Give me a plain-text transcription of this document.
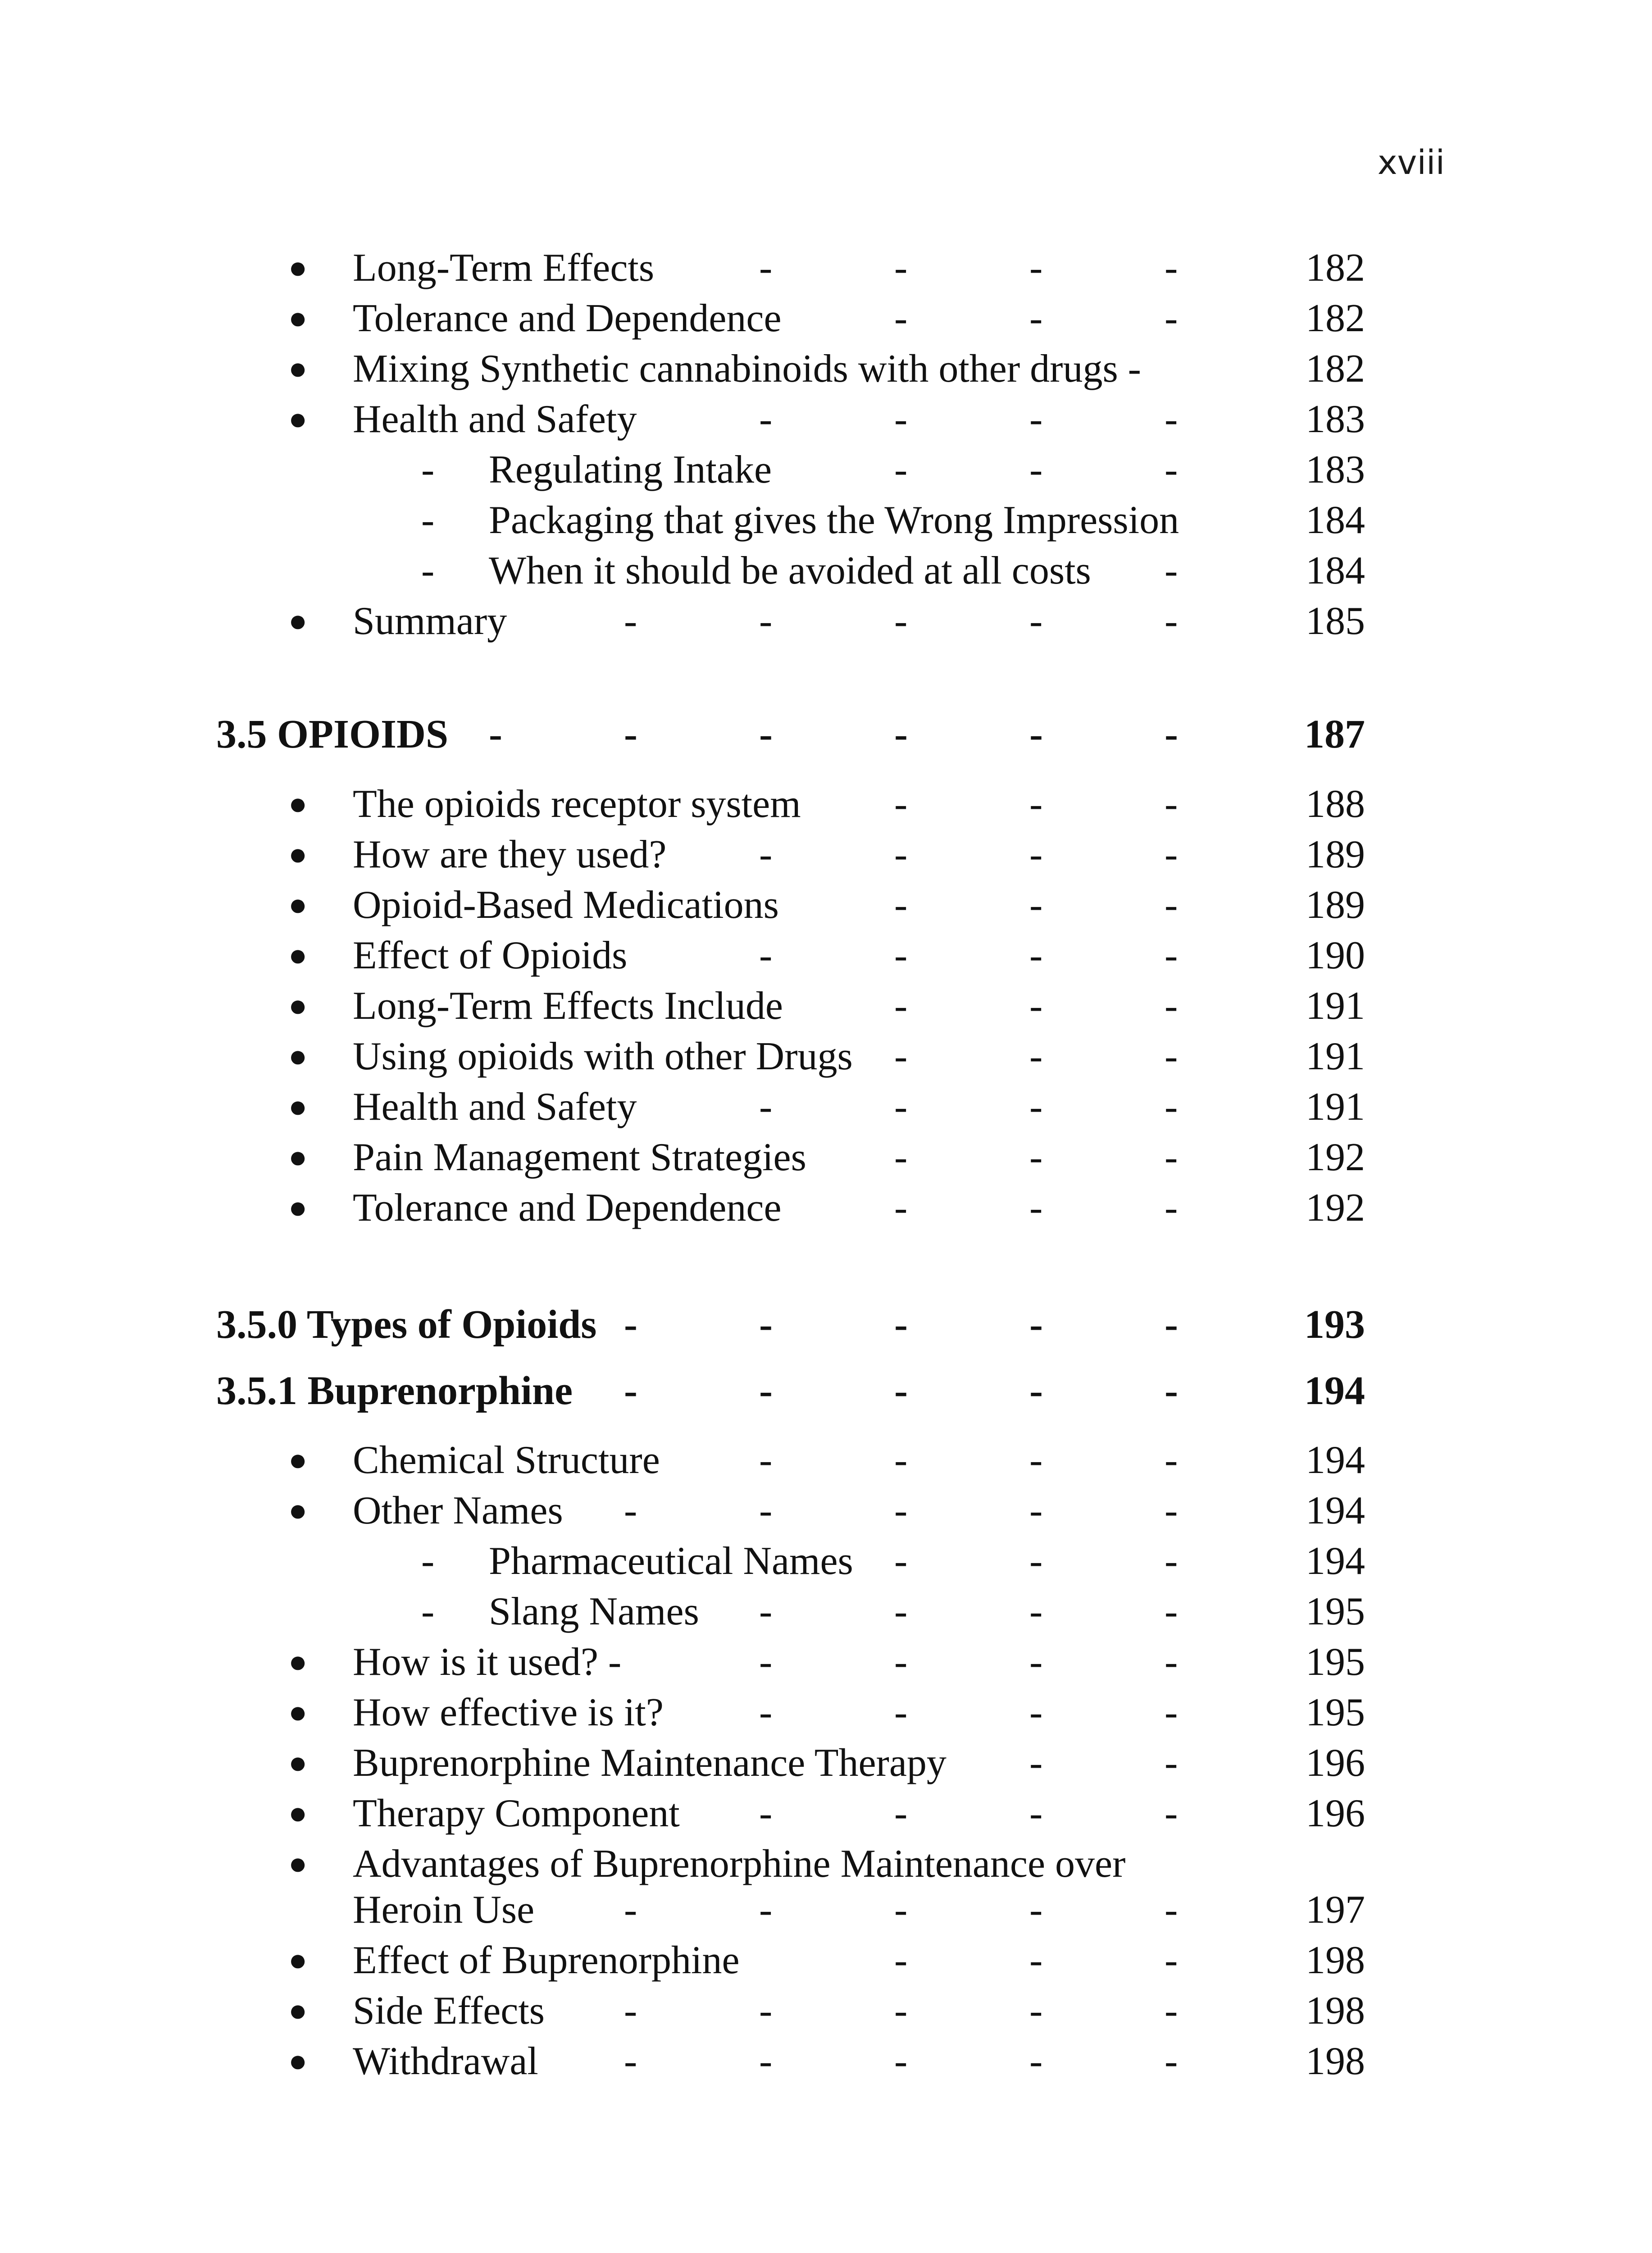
xviii
● Long-Term Effects	-	-	-	-	182
● Tolerance and Dependence	-	-	-	182
● Mixing Synthetic cannabinoids with other drugs -	182
● Health and Safety	-	-	-	-	183
- Regulating Intake	-	-	-	183
- Packaging that gives the Wrong Impression	184
- When it should be avoided at all costs -	184
● Summary	-	-	-	-	-	185
3.5 OPIOIDS -	-	-	-	-	-	187
● The opioids receptor system -	-	-	188
● How are they used? -	-	-	-	189
● Opioid-Based Medications	-	-	-	189
● Effect of Opioids	-	-	-	-	190
● Long-Term Effects Include	-	-	-	191
● Using opioids with other Drugs -	-	-	191
● Health and Safety	-	-	-	-	191
● Pain Management Strategies -	-	-	192
● Tolerance and Dependence	-	-	-	192
3.5.0 Types of Opioids -	-	-	-	-	193
3.5.1 Buprenorphine -	-	-	-	-	194
● Chemical Structure	-	-	-	-	194
● Other Names -	-	-	-	-	194
- Pharmaceutical Names -	-	-	194
- Slang Names -	-	-	-	195
● How is it used? -	-	-	-	-	195
● How effective is it? -	-	-	-	195
● Buprenorphine Maintenance Therapy -	-	196
● Therapy Component -	-	-	-	196
● Advantages of Buprenorphine Maintenance over
Heroin Use -	-	-	-	-	197
● Effect of Buprenorphine	-	-	-	198
● Side Effects -	-	-	-	-	198
● Withdrawal -	-	-	-	-	198
